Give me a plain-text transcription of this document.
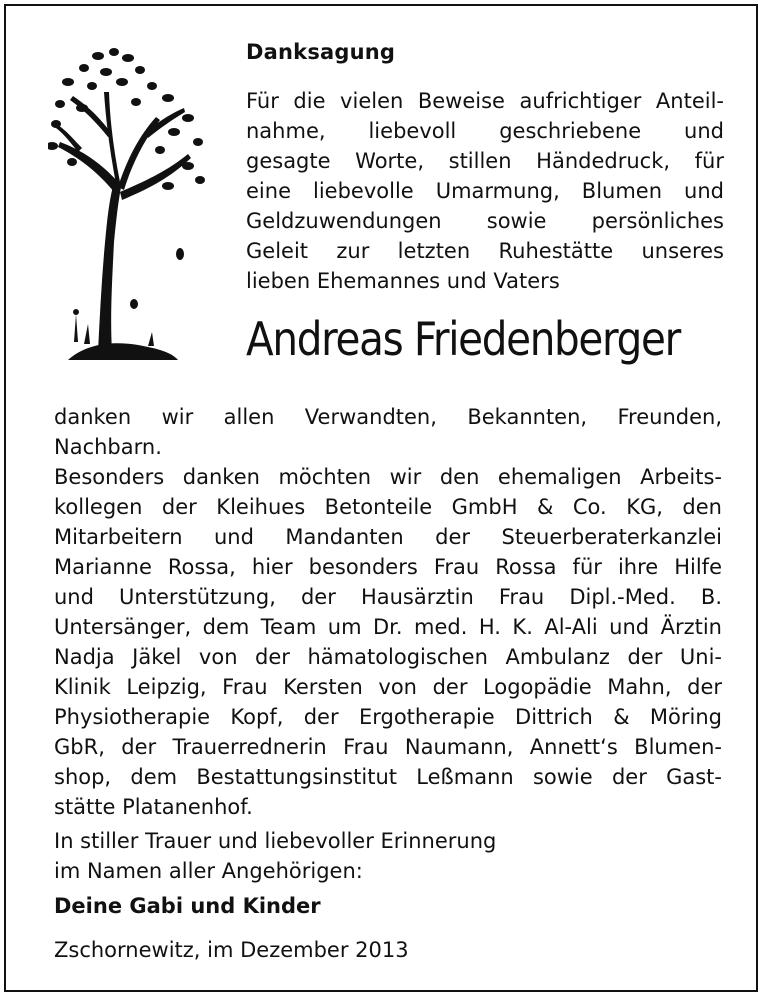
Danksagung
Für die vielen Beweise aufrichtiger Anteil-
nahme, liebevoll geschriebene und
gesagte Worte, stillen Händedruck, für
eine liebevolle Umarmung, Blumen und
Geldzuwendungen sowie persönliches
Geleit zur letzten Ruhestätte unseres
lieben Ehemannes und Vaters
Andreas Friedenberger
danken wir allen Verwandten, Bekannten, Freunden,
Nachbarn.
Besonders danken möchten wir den ehemaligen Arbeits-
kollegen der Kleihues Betonteile GmbH & Co. KG, den
Mitarbeitern und Mandanten der Steuerberaterkanzlei
Marianne Rossa, hier besonders Frau Rossa für ihre Hilfe
und Unterstützung, der Hausärztin Frau Dipl.-Med. B.
Untersänger, dem Team um Dr. med. H. K. Al-Ali und Ärztin
Nadja Jäkel von der hämatologischen Ambulanz der Uni-
Klinik Leipzig, Frau Kersten von der Logopädie Mahn, der
Physiotherapie Kopf, der Ergotherapie Dittrich & Möring
GbR, der Trauerrednerin Frau Naumann, Annett‘s Blumen-
shop, dem Bestattungsinstitut Leßmann sowie der Gast-
stätte Platanenhof.
In stiller Trauer und liebevoller Erinnerung
im Namen aller Angehörigen:
Deine Gabi und Kinder
Zschornewitz, im Dezember 2013
